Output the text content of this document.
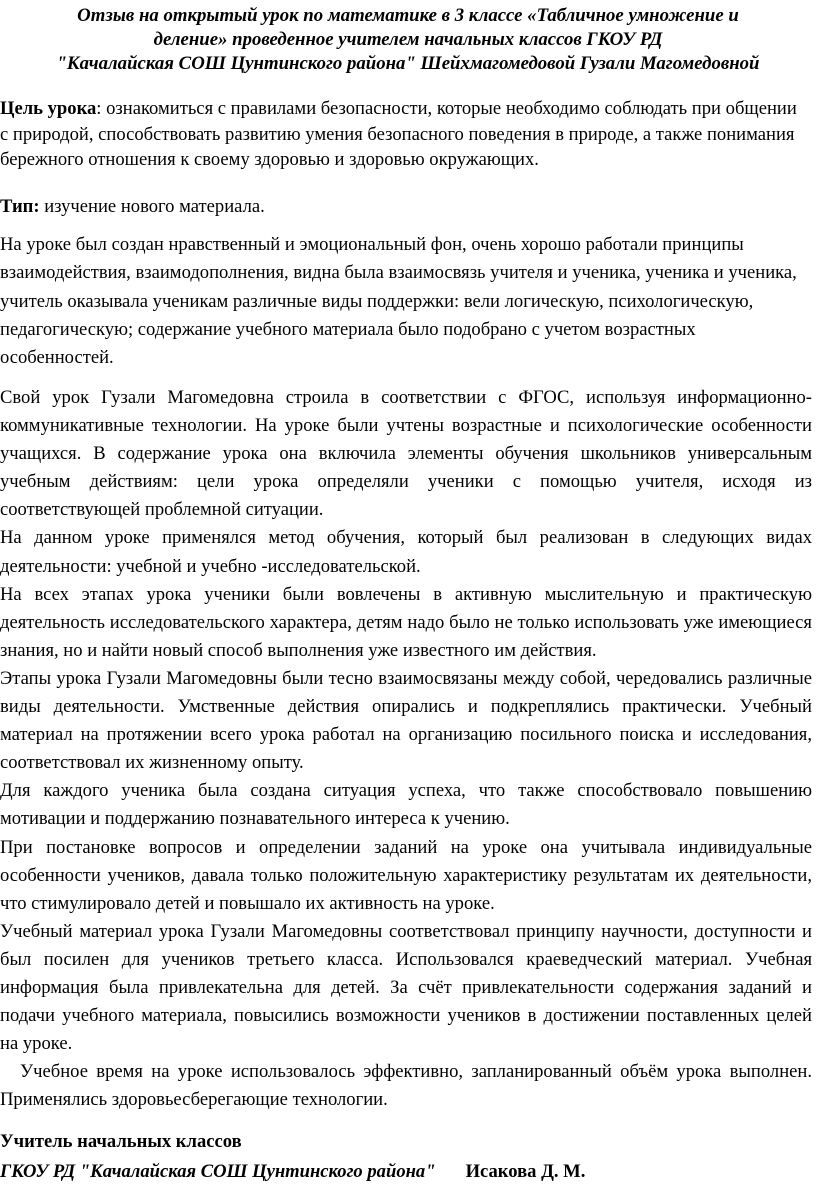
Отзыв на открытый урок по математике в 3 классе «Табличное умножение и
деление» проведенное учителем начальных классов ГКОУ РД
"Качалайская СОШ Цунтинского района" Шейхмагомедовой Гузали Магомедовной

Цель урока: ознакомиться с правилами безопасности, которые необходимо соблюдать при общении с природой, способствовать развитию умения безопасного поведения в природе, а также понимания бережного отношения к своему здоровью и здоровью окружающих.

Тип: изучение нового материала.

На уроке был создан нравственный и эмоциональный фон, очень хорошо работали принципы взаимодействия, взаимодополнения, видна была взаимосвязь учителя и ученика, ученика и ученика, учитель оказывала ученикам различные виды поддержки: вели логическую, психологическую, педагогическую; содержание учебного материала было подобрано с учетом возрастных особенностей.

Свой урок Гузали Магомедовна строила в соответствии с ФГОС, используя информационно-коммуникативные технологии. На уроке были учтены возрастные и психологические особенности учащихся. В содержание урока она включила элементы обучения школьников универсальным учебным действиям: цели урока определяли ученики с помощью учителя, исходя из соответствующей проблемной ситуации.

На данном уроке применялся метод обучения, который был реализован в следующих видах деятельности: учебной и учебно -исследовательской.

На всех этапах урока ученики были вовлечены в активную мыслительную и практическую деятельность исследовательского характера, детям надо было не только использовать уже имеющиеся знания, но и найти новый способ выполнения уже известного им действия.

Этапы урока Гузали Магомедовны были тесно взаимосвязаны между собой, чередовались различные виды деятельности. Умственные действия опирались и подкреплялись практически. Учебный материал на протяжении всего урока работал на организацию посильного поиска и исследования, соответствовал их жизненному опыту.

Для каждого ученика была создана ситуация успеха, что также способствовало повышению мотивации и поддержанию познавательного интереса к учению.

При постановке вопросов и определении заданий на уроке она учитывала индивидуальные особенности учеников, давала только положительную характеристику результатам их деятельности, что стимулировало детей и повышало их активность на уроке.

Учебный материал урока Гузали Магомедовны соответствовал принципу научности, доступности и был посилен для учеников третьего класса. Использовался краеведческий материал. Учебная информация была привлекательна для детей. За счёт привлекательности содержания заданий и подачи учебного материала, повысились возможности учеников в достижении поставленных целей на уроке.

Учебное время на уроке использовалось эффективно, запланированный объём урока выполнен. Применялись здоровьесберегающие технологии.

Учитель начальных классов

ГКОУ РД "Качалайская СОШ Цунтинского района" Исакова Д. М.
